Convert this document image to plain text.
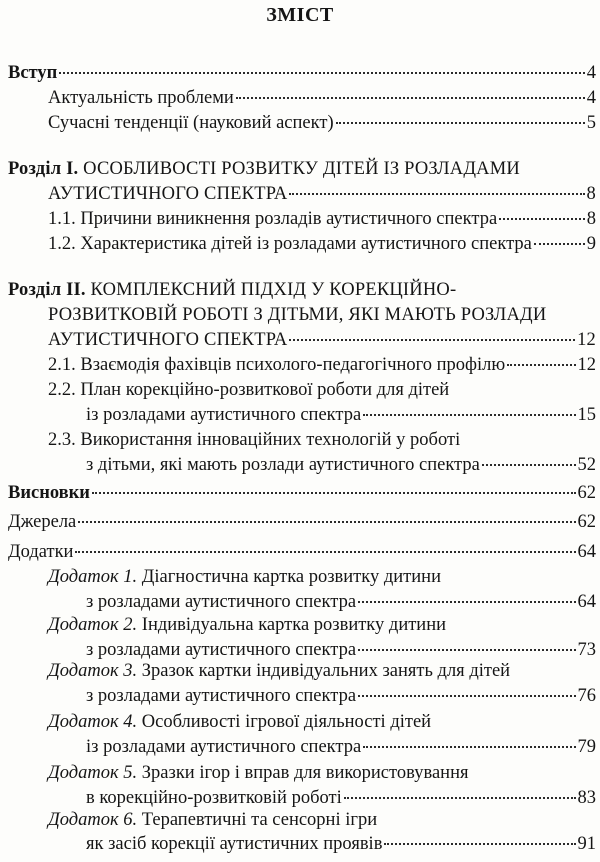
ЗМІСТ
Вступ	4
Актуальність проблеми	4
Сучасні тенденції (науковий аспект)	5
Розділ І. ОСОБЛИВОСТІ РОЗВИТКУ ДІТЕЙ ІЗ РОЗЛАДАМИ
АУТИСТИЧНОГО СПЕКТРА	8
1.1. Причини виникнення розладів аутистичного спектра	8
1.2. Характеристика дітей із розладами аутистичного спектра	9
Розділ ІІ. КОМПЛЕКСНИЙ ПІДХІД У КОРЕКЦІЙНО-
РОЗВИТКОВІЙ РОБОТІ З ДІТЬМИ, ЯКІ МАЮТЬ РОЗЛАДИ
АУТИСТИЧНОГО СПЕКТРА	12
2.1. Взаємодія фахівців психолого-педагогічного профілю	12
2.2. План корекційно-розвиткової роботи для дітей
із розладами аутистичного спектра	15
2.3. Використання інноваційних технологій у роботі
з дітьми, які мають розлади аутистичного спектра	52
Висновки	62
Джерела	62
Додатки	64
Додаток 1. Діагностична картка розвитку дитини
з розладами аутистичного спектра	64
Додаток 2. Індивідуальна картка розвитку дитини
з розладами аутистичного спектра	73
Додаток 3. Зразок картки індивідуальних занять для дітей
з розладами аутистичного спектра	76
Додаток 4. Особливості ігрової діяльності дітей
із розладами аутистичного спектра	79
Додаток 5. Зразки ігор і вправ для використовування
в корекційно-розвитковій роботі	83
Додаток 6. Терапевтичні та сенсорні ігри
як засіб корекції аутистичних проявів	91
